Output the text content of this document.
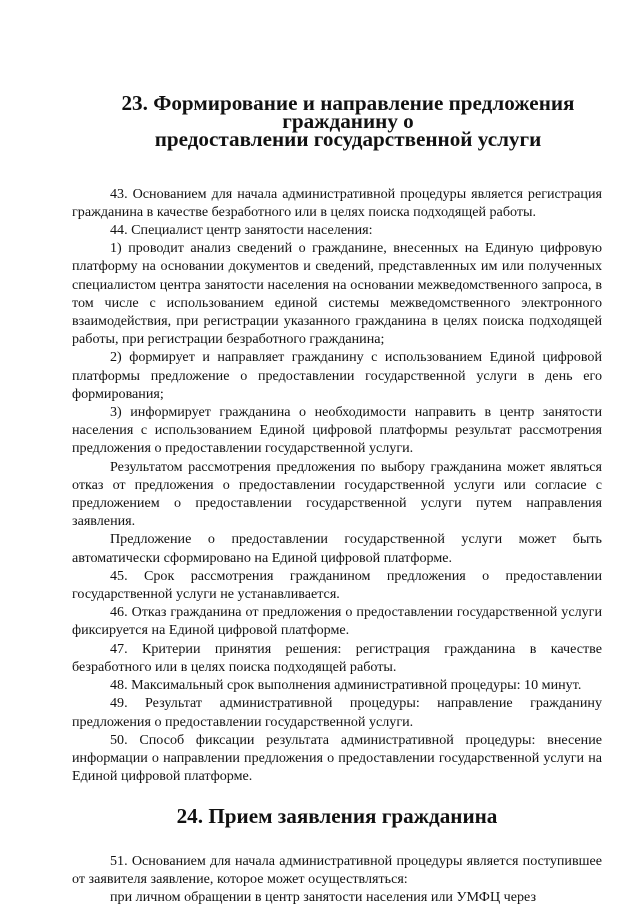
23. Формирование и направление предложения гражданину о
предоставлении государственной услуги

43. Основанием для начала административной процедуры является регистрация гражданина в качестве безработного или в целях поиска подходящей работы.

44. Специалист центр занятости населения:

1) проводит анализ сведений о гражданине, внесенных на Единую цифровую платформу на основании документов и сведений, представленных им или полученных специалистом центра занятости населения на основании межведомственного запроса, в том числе с использованием единой системы межведомственного электронного взаимодействия, при регистрации указанного гражданина в целях поиска подходящей работы, при регистрации безработного гражданина;

2) формирует и направляет гражданину с использованием Единой цифровой платформы предложение о предоставлении государственной услуги в день его формирования;

3) информирует гражданина о необходимости направить в центр занятости населения с использованием Единой цифровой платформы результат рассмотрения предложения о предоставлении государственной услуги.

Результатом рассмотрения предложения по выбору гражданина может являться отказ от предложения о предоставлении государственной услуги или согласие с предложением о предоставлении государственной услуги путем направления заявления.

Предложение о предоставлении государственной услуги может быть автоматически сформировано на Единой цифровой платформе.

45. Срок рассмотрения гражданином предложения о предоставлении государственной услуги не устанавливается.

46. Отказ гражданина от предложения о предоставлении государственной услуги фиксируется на Единой цифровой платформе.

47. Критерии принятия решения: регистрация гражданина в качестве безработного или в целях поиска подходящей работы.

48. Максимальный срок выполнения административной процедуры: 10 минут.

49. Результат административной процедуры: направление гражданину предложения о предоставлении государственной услуги.

50. Способ фиксации результата административной процедуры: внесение информации о направлении предложения о предоставлении государственной услуги на Единой цифровой платформе.

24. Прием заявления гражданина

51. Основанием для начала административной процедуры является поступившее от заявителя заявление, которое может осуществляться:

при личном обращении в центр занятости населения или УМФЦ через
